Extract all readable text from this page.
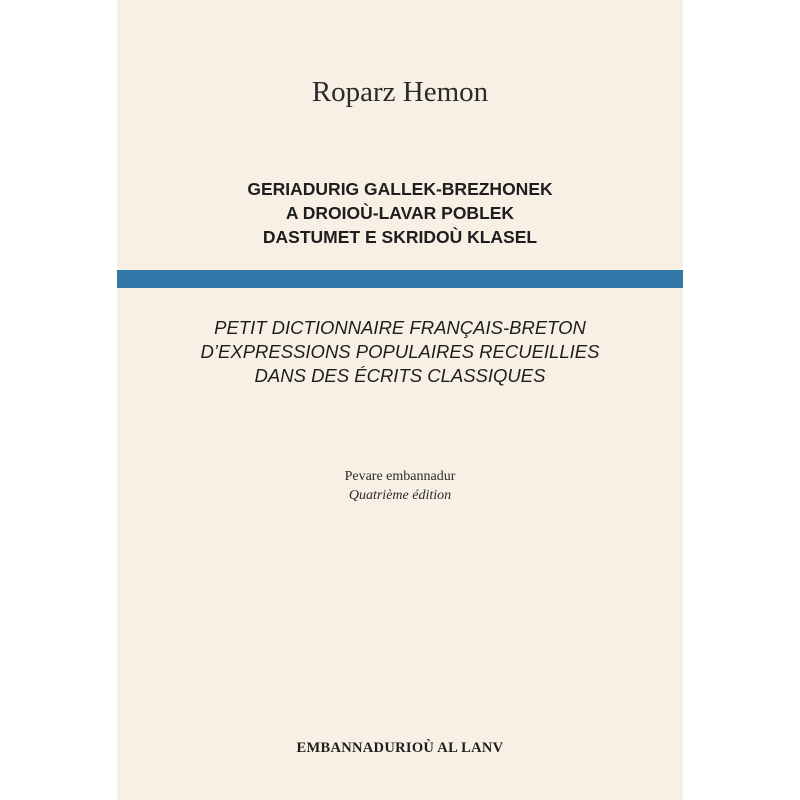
Roparz Hemon
GERIADURIG GALLEK-BREZHONEK
A DROIOÙ-LAVAR POBLEK
DASTUMET E SKRIDOÙ KLASEL
PETIT DICTIONNAIRE FRANÇAIS-BRETON
D’EXPRESSIONS POPULAIRES RECUEILLIES
DANS DES ÉCRITS CLASSIQUES
Pevare embannadur
Quatrième édition
EMBANNADURIOÙ AL LANV
